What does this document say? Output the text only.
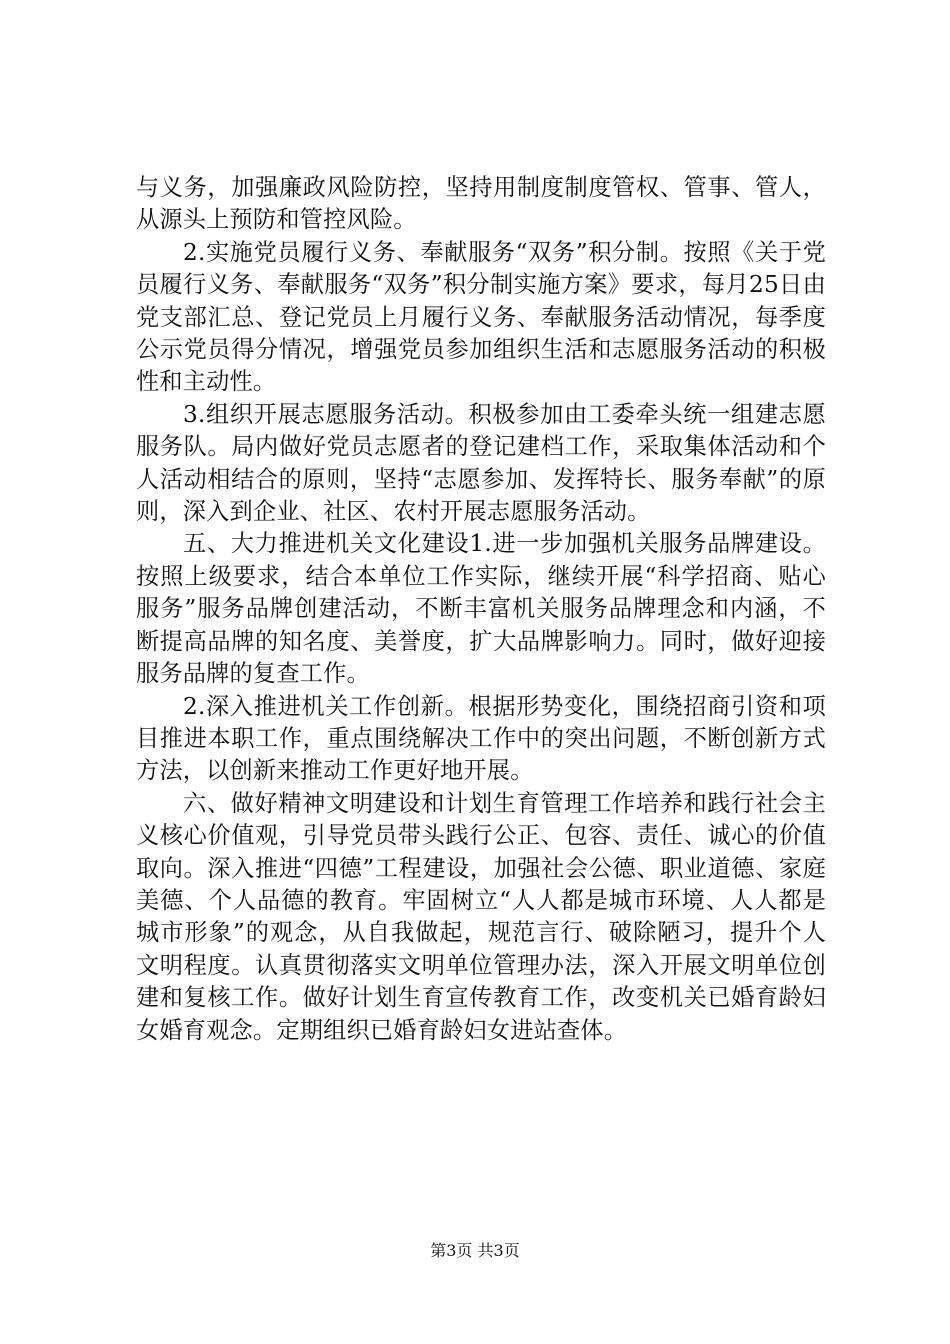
与义务，加强廉政风险防控，坚持用制度制度管权、管事、管人，从源头上预防和管控风险。

2.实施党员履行义务、奉献服务“双务”积分制。按照《关于党员履行义务、奉献服务“双务”积分制实施方案》要求，每月25日由党支部汇总、登记党员上月履行义务、奉献服务活动情况，每季度公示党员得分情况，增强党员参加组织生活和志愿服务活动的积极性和主动性。

3.组织开展志愿服务活动。积极参加由工委牵头统一组建志愿服务队。局内做好党员志愿者的登记建档工作，采取集体活动和个人活动相结合的原则，坚持“志愿参加、发挥特长、服务奉献”的原则，深入到企业、社区、农村开展志愿服务活动。

五、大力推进机关文化建设1.进一步加强机关服务品牌建设。按照上级要求，结合本单位工作实际，继续开展“科学招商、贴心服务”服务品牌创建活动，不断丰富机关服务品牌理念和内涵，不断提高品牌的知名度、美誉度，扩大品牌影响力。同时，做好迎接服务品牌的复查工作。

2.深入推进机关工作创新。根据形势变化，围绕招商引资和项目推进本职工作，重点围绕解决工作中的突出问题，不断创新方式方法，以创新来推动工作更好地开展。

六、做好精神文明建设和计划生育管理工作培养和践行社会主义核心价值观，引导党员带头践行公正、包容、责任、诚心的价值取向。深入推进“四德”工程建设，加强社会公德、职业道德、家庭美德、个人品德的教育。牢固树立“人人都是城市环境、人人都是城市形象”的观念，从自我做起，规范言行、破除陋习，提升个人文明程度。认真贯彻落实文明单位管理办法，深入开展文明单位创建和复核工作。做好计划生育宣传教育工作，改变机关已婚育龄妇女婚育观念。定期组织已婚育龄妇女进站查体。

第3页 共3页
